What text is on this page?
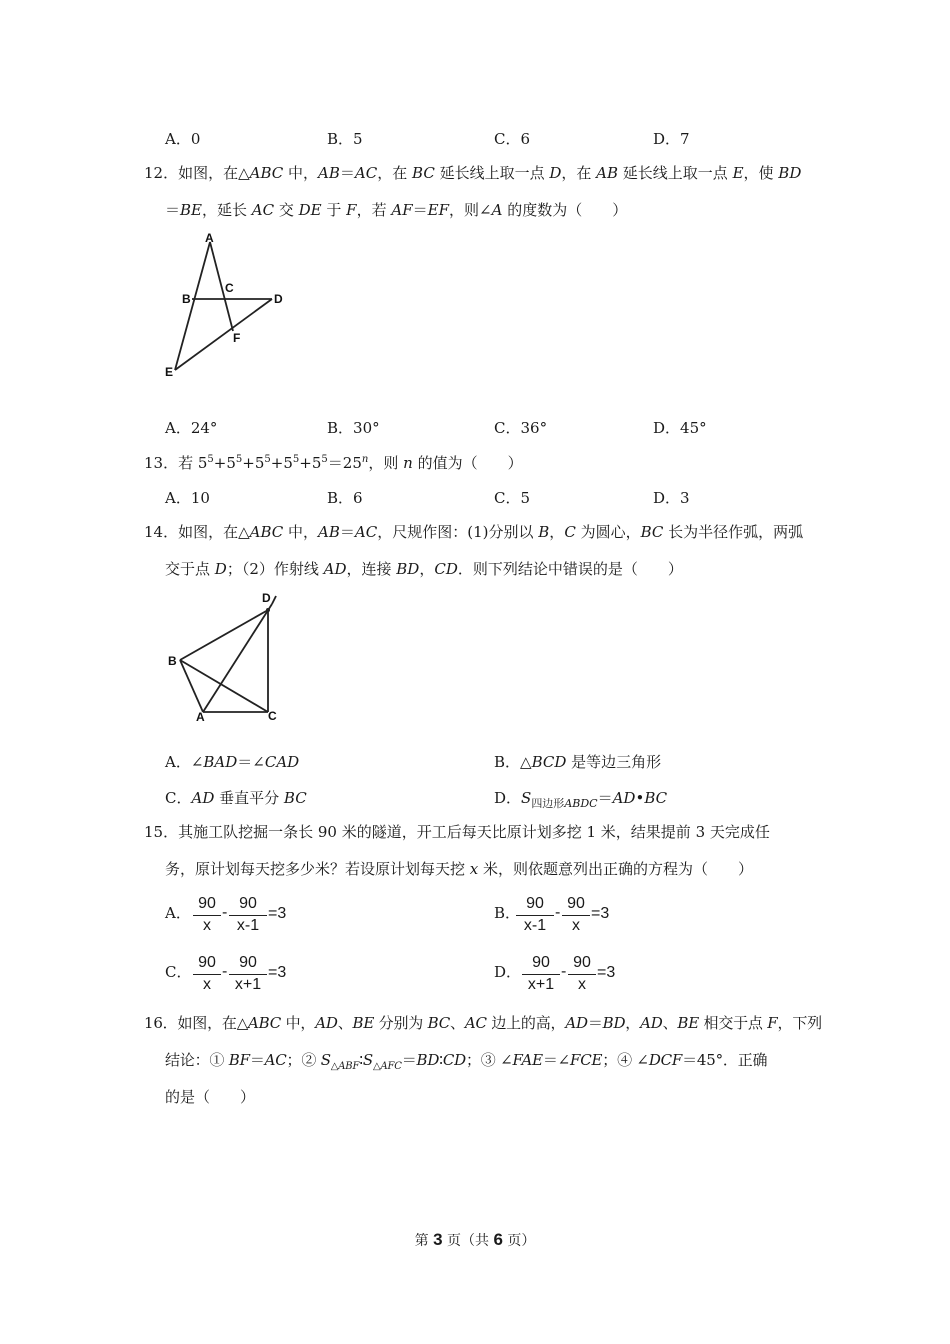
A．0	B．5	C．6	D．7
12．如图，在△ABC 中，AB＝AC，在 BC 延长线上取一点 D，在 AB 延长线上取一点 E，使 BD
＝BE，延长 AC 交 DE 于 F，若 AF＝EF，则∠A 的度数为（　　）
A
B
C
D
E
F
A．24°	B．30°	C．36°	D．45°
13．若 $5^5+5^5+5^5+5^5+5^5=25^n$，则 n 的值为（　　）
A．10	B．6	C．5	D．3
14．如图，在△ABC 中，AB＝AC，尺规作图：(1)分别以 B，C 为圆心，BC 长为半径作弧，两弧
交于点 D；（2）作射线 AD，连接 BD，CD．则下列结论中错误的是（　　）
D
B
A	C
A．∠BAD＝∠CAD	B．△BCD 是等边三角形
C．AD 垂直平分 BC	D．$S_{四边形ABDC}=AD•BC$
15．其施工队挖掘一条长 90 米的隧道，开工后每天比原计划多挖 1 米，结果提前 3 天完成任
务，原计划每天挖多少米？若设原计划每天挖 x 米，则依题意列出正确的方程为（　　）
A．
90
x
-
90
x-1
=3	B．
90
x-1
-
90
x
=3
C．
90
x
-
90
x+1
=3	D．
90
x+1
-
90
x
=3
16．如图，在△ABC 中，AD、BE 分别为 BC、AC 边上的高，AD＝BD，AD、BE 相交于点 F，下列
结论：① BF＝AC；② $S_{\triangle ABF}∶S_{\triangle AFC}=BD∶CD$；③ ∠FAE＝∠FCE；④ ∠DCF＝45°．正确
的是（　　）
第 3 页（共 6 页）
